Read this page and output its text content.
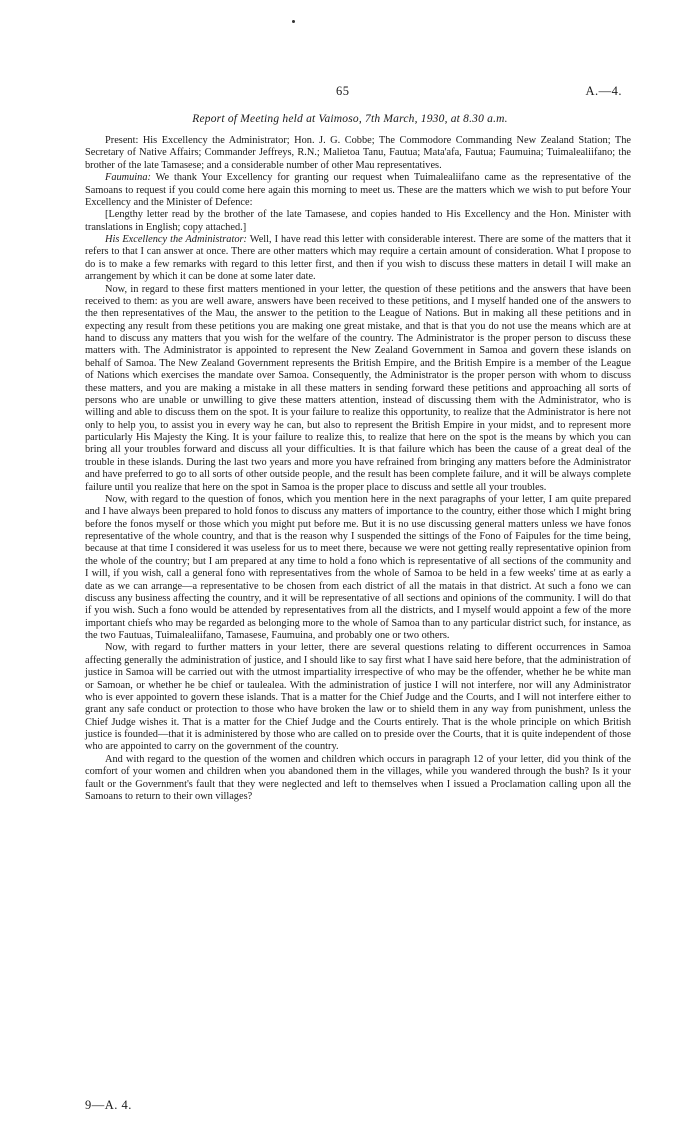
65	A.—4.
Report of Meeting held at Vaimoso, 7th March, 1930, at 8.30 a.m.

Present: His Excellency the Administrator; Hon. J. G. Cobbe; The Commodore Commanding New Zealand Station; The Secretary of Native Affairs; Commander Jeffreys, R.N.; Malietoa Tanu, Fautua; Mata'afa, Fautua; Faumuina; Tuimalealiifano; the brother of the late Tamasese; and a considerable number of other Mau representatives.

Faumuina: We thank Your Excellency for granting our request when Tuimalealiifano came as the representative of the Samoans to request if you could come here again this morning to meet us. These are the matters which we wish to put before Your Excellency and the Minister of Defence:

[Lengthy letter read by the brother of the late Tamasese, and copies handed to His Excellency and the Hon. Minister with translations in English; copy attached.]

His Excellency the Administrator: Well, I have read this letter with considerable interest. There are some of the matters that it refers to that I can answer at once. There are other matters which may require a certain amount of consideration. What I propose to do is to make a few remarks with regard to this letter first, and then if you wish to discuss these matters in detail I will make an arrangement by which it can be done at some later date.

Now, in regard to these first matters mentioned in your letter, the question of these petitions and the answers that have been received to them: as you are well aware, answers have been received to these petitions, and I myself handed one of the answers to the then representatives of the Mau, the answer to the petition to the League of Nations. But in making all these petitions and in expecting any result from these petitions you are making one great mistake, and that is that you do not use the means which are at hand to discuss any matters that you wish for the welfare of the country. The Administrator is the proper person to discuss these matters with. The Administrator is appointed to represent the New Zealand Government in Samoa and govern these islands on behalf of Samoa. The New Zealand Government represents the British Empire, and the British Empire is a member of the League of Nations which exercises the mandate over Samoa. Consequently, the Administrator is the proper person with whom to discuss these matters, and you are making a mistake in all these matters in sending forward these petitions and approaching all sorts of persons who are unable or unwilling to give these matters attention, instead of discussing them with the Administrator, who is willing and able to discuss them on the spot. It is your failure to realize this opportunity, to realize that the Administrator is here not only to help you, to assist you in every way he can, but also to represent the British Empire in your midst, and to represent more particularly His Majesty the King. It is your failure to realize this, to realize that here on the spot is the means by which you can bring all your troubles forward and discuss all your difficulties. It is that failure which has been the cause of a great deal of the trouble in these islands. During the last two years and more you have refrained from bringing any matters before the Administrator and have preferred to go to all sorts of other outside people, and the result has been complete failure, and it will be always complete failure until you realize that here on the spot in Samoa is the proper place to discuss and settle all your troubles.

Now, with regard to the question of fonos, which you mention here in the next paragraphs of your letter, I am quite prepared and I have always been prepared to hold fonos to discuss any matters of importance to the country, either those which I might bring before the fonos myself or those which you might put before me. But it is no use discussing general matters unless we have fonos representative of the whole country, and that is the reason why I suspended the sittings of the Fono of Faipules for the time being, because at that time I considered it was useless for us to meet there, because we were not getting really representative opinion from the whole of the country; but I am prepared at any time to hold a fono which is representative of all sections of the community and I will, if you wish, call a general fono with representatives from the whole of Samoa to be held in a few weeks' time at as early a date as we can arrange—a representative to be chosen from each district of all the matais in that district. At such a fono we can discuss any business affecting the country, and it will be representative of all sections and opinions of the community. I will do that if you wish. Such a fono would be attended by representatives from all the districts, and I myself would appoint a few of the more important chiefs who may be regarded as belonging more to the whole of Samoa than to any particular district such, for instance, as the two Fautuas, Tuimalealiifano, Tamasese, Faumuina, and probably one or two others.

Now, with regard to further matters in your letter, there are several questions relating to different occurrences in Samoa affecting generally the administration of justice, and I should like to say first what I have said here before, that the administration of justice in Samoa will be carried out with the utmost impartiality irrespective of who may be the offender, whether he be white man or Samoan, or whether he be chief or taulealea. With the administration of justice I will not interfere, nor will any Administrator who is ever appointed to govern these islands. That is a matter for the Chief Judge and the Courts, and I will not interfere either to grant any safe conduct or protection to those who have broken the law or to shield them in any way from punishment, unless the Chief Judge wishes it. That is a matter for the Chief Judge and the Courts entirely. That is the whole principle on which British justice is founded—that it is administered by those who are called on to preside over the Courts, that it is quite independent of those who are appointed to carry on the government of the country.

And with regard to the question of the women and children which occurs in paragraph 12 of your letter, did you think of the comfort of your women and children when you abandoned them in the villages, while you wandered through the bush? Is it your fault or the Government's fault that they were neglected and left to themselves when I issued a Proclamation calling upon all the Samoans to return to their own villages?

9—A. 4.
